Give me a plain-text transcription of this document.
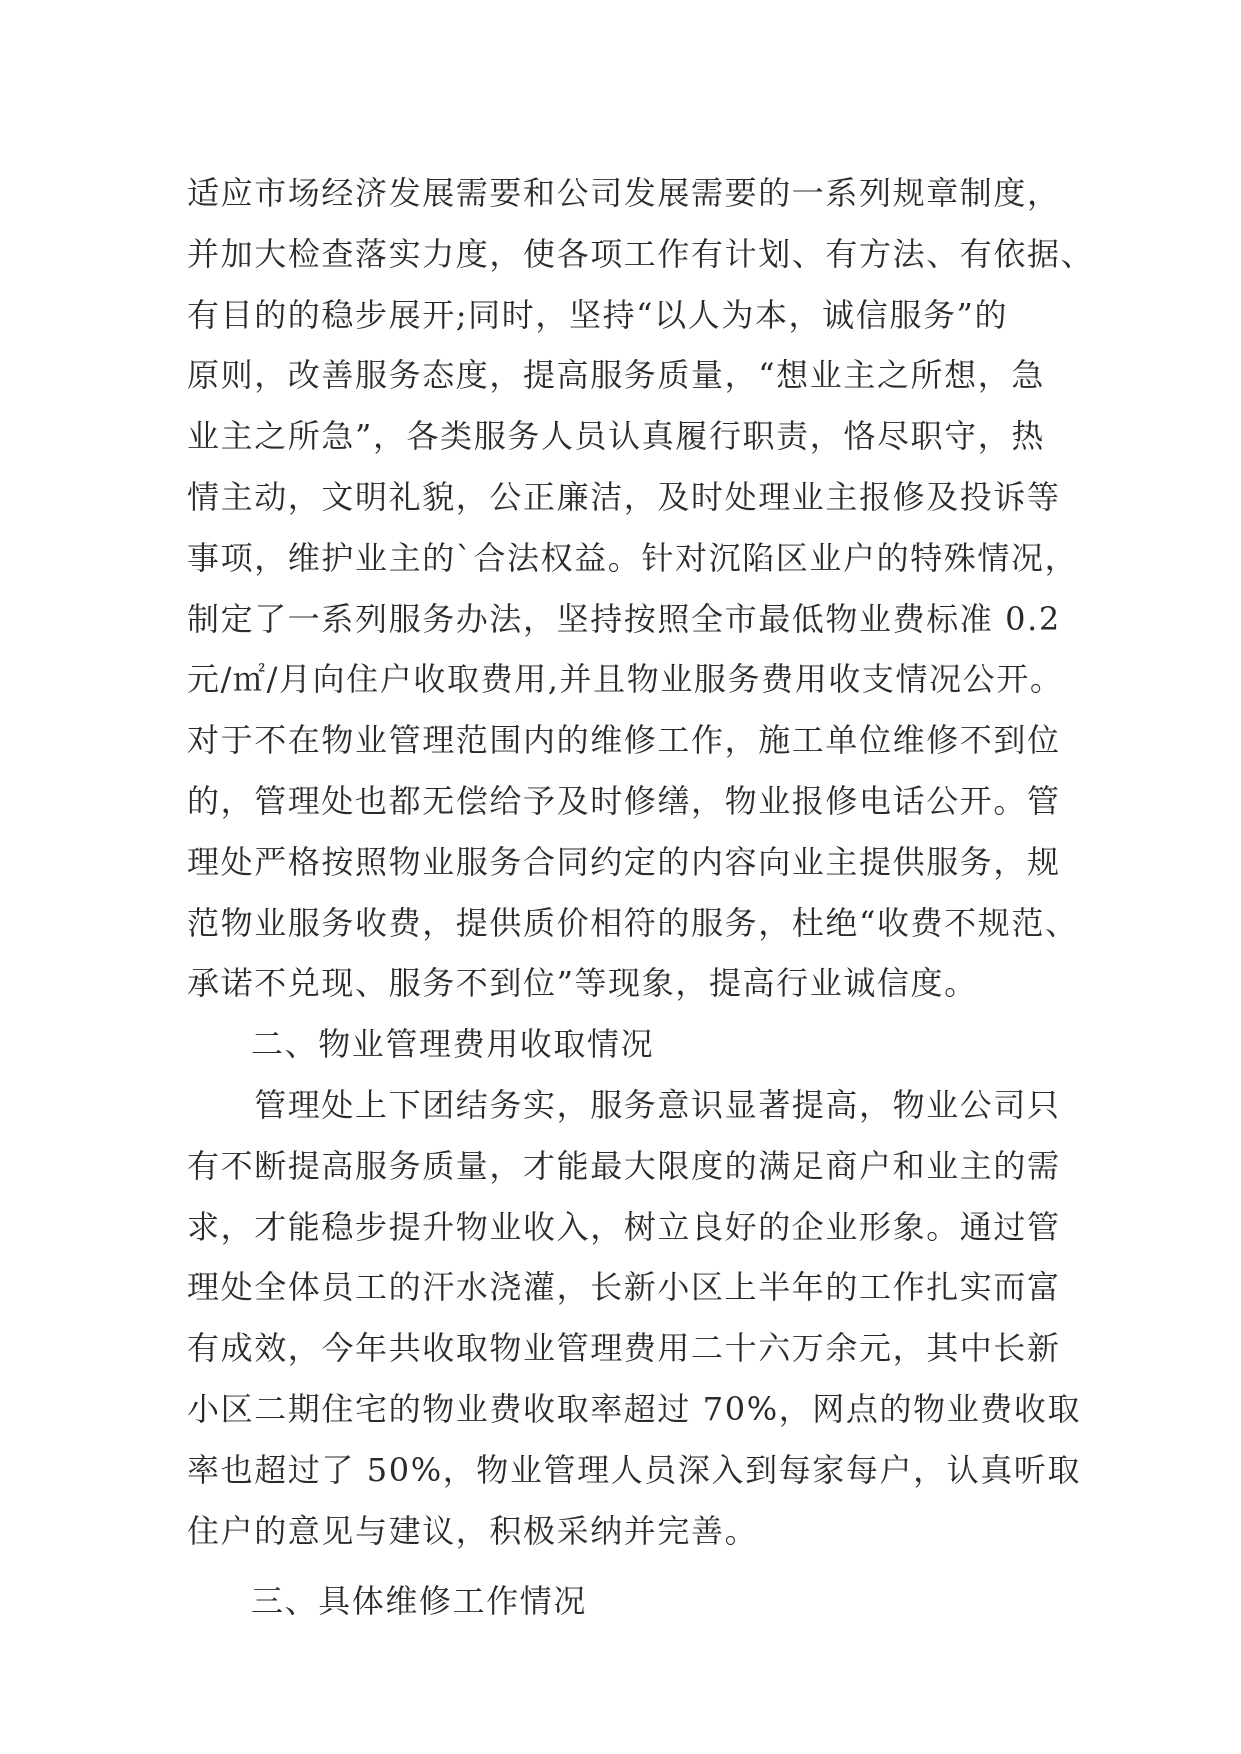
适应市场经济发展需要和公司发展需要的一系列规章制度，
并加大检查落实力度，使各项工作有计划、有方法、有依据、
有目的的稳步展开;同时，坚持“以人为本，诚信服务”的
原则，改善服务态度，提高服务质量，“想业主之所想，急
业主之所急”，各类服务人员认真履行职责，恪尽职守，热
情主动，文明礼貌，公正廉洁，及时处理业主报修及投诉等
事项，维护业主的`合法权益。针对沉陷区业户的特殊情况，
制定了一系列服务办法，坚持按照全市最低物业费标准 0.2
元/㎡/月向住户收取费用,并且物业服务费用收支情况公开。
对于不在物业管理范围内的维修工作，施工单位维修不到位
的，管理处也都无偿给予及时修缮，物业报修电话公开。管
理处严格按照物业服务合同约定的内容向业主提供服务，规
范物业服务收费，提供质价相符的服务，杜绝“收费不规范、
承诺不兑现、服务不到位”等现象，提高行业诚信度。
二、物业管理费用收取情况
　　管理处上下团结务实，服务意识显著提高，物业公司只
有不断提高服务质量，才能最大限度的满足商户和业主的需
求，才能稳步提升物业收入，树立良好的企业形象。通过管
理处全体员工的汗水浇灌，长新小区上半年的工作扎实而富
有成效，今年共收取物业管理费用二十六万余元，其中长新
小区二期住宅的物业费收取率超过 70%，网点的物业费收取
率也超过了 50%，物业管理人员深入到每家每户，认真听取
住户的意见与建议，积极采纳并完善。
三、具体维修工作情况
